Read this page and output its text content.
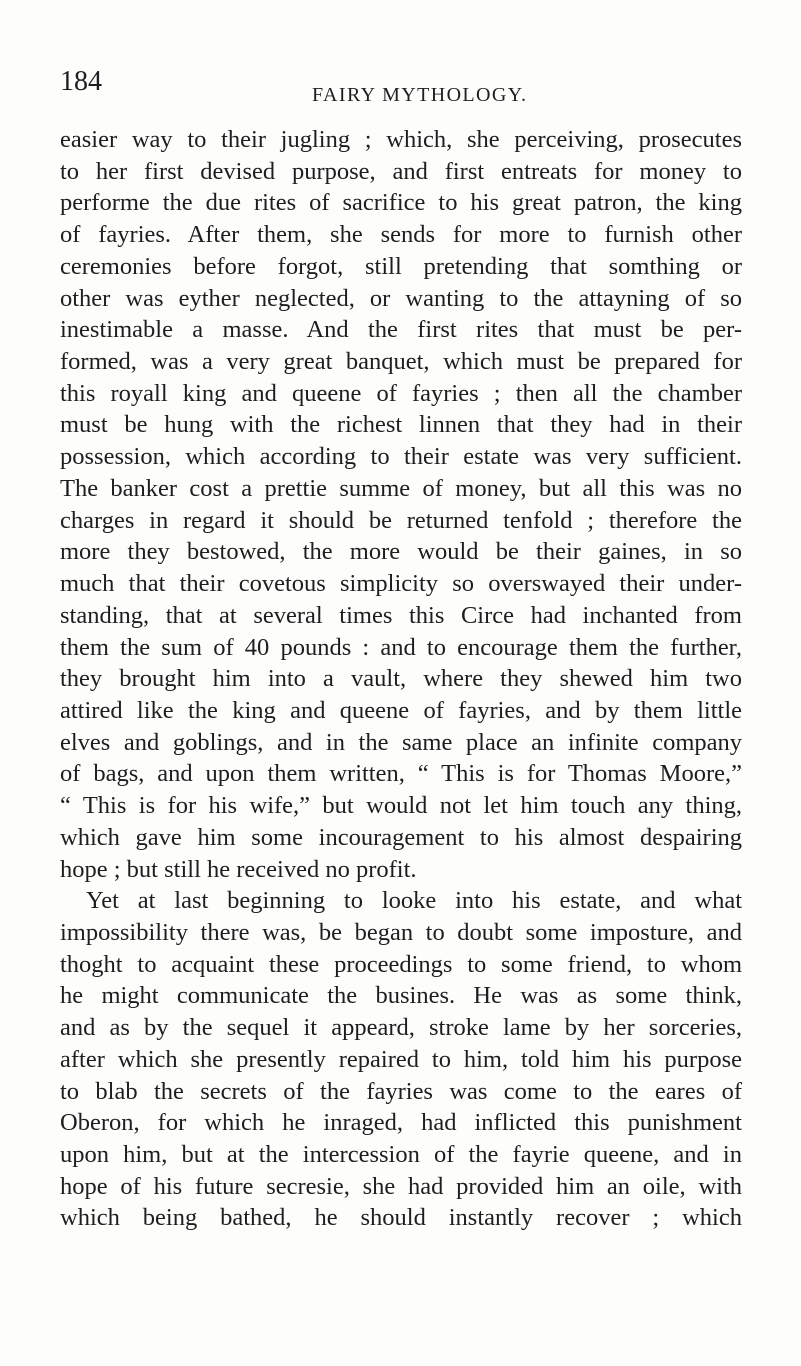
184	FAIRY MYTHOLOGY.
easier way to their jugling ; which, she perceiving, prosecutes
to her first devised purpose, and first entreats for money to
performe the due rites of sacrifice to his great patron, the king
of fayries. After them, she sends for more to furnish other
ceremonies before forgot, still pretending that somthing or
other was eyther neglected, or wanting to the attayning of so
inestimable a masse. And the first rites that must be per-
formed, was a very great banquet, which must be prepared for
this royall king and queene of fayries ; then all the chamber
must be hung with the richest linnen that they had in their
possession, which according to their estate was very sufficient.
The banker cost a prettie summe of money, but all this was no
charges in regard it should be returned tenfold ; therefore the
more they bestowed, the more would be their gaines, in so
much that their covetous simplicity so overswayed their under-
standing, that at several times this Circe had inchanted from
them the sum of 40 pounds : and to encourage them the further,
they brought him into a vault, where they shewed him two
attired like the king and queene of fayries, and by them little
elves and goblings, and in the same place an infinite company
of bags, and upon them written, “ This is for Thomas Moore,”
“ This is for his wife,” but would not let him touch any thing,
which gave him some incouragement to his almost despairing
hope ; but still he received no profit.
Yet at last beginning to looke into his estate, and what
impossibility there was, be began to doubt some imposture, and
thoght to acquaint these proceedings to some friend, to whom
he might communicate the busines. He was as some think,
and as by the sequel it appeard, stroke lame by her sorceries,
after which she presently repaired to him, told him his purpose
to blab the secrets of the fayries was come to the eares of
Oberon, for which he inraged, had inflicted this punishment
upon him, but at the intercession of the fayrie queene, and in
hope of his future secresie, she had provided him an oile, with
which being bathed, he should instantly recover ; which
